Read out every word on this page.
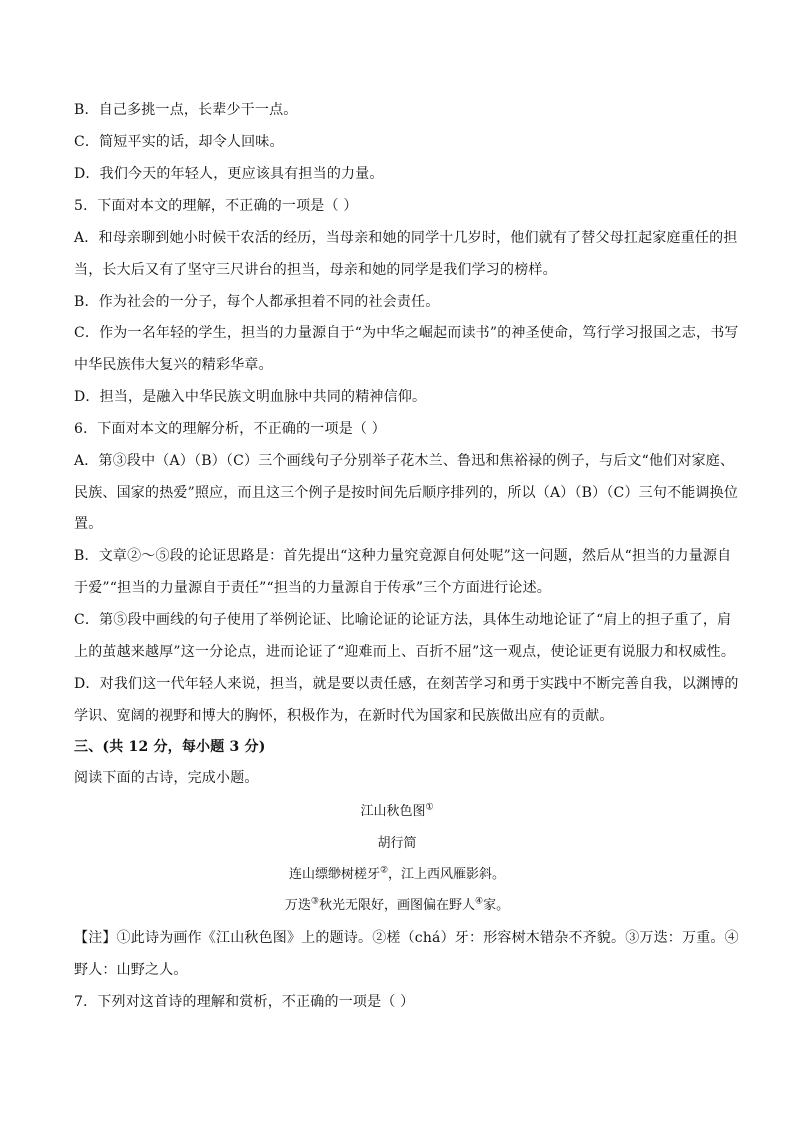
B．自己多挑一点，长辈少干一点。
C．简短平实的话，却令人回味。
D．我们今天的年轻人，更应该具有担当的力量。
5．下面对本文的理解，不正确的一项是（ ）
A．和母亲聊到她小时候干农活的经历，当母亲和她的同学十几岁时，他们就有了替父母扛起家庭重任的担
当，长大后又有了坚守三尺讲台的担当，母亲和她的同学是我们学习的榜样。
B．作为社会的一分子，每个人都承担着不同的社会责任。
C．作为一名年轻的学生，担当的力量源自于“为中华之崛起而读书”的神圣使命，笃行学习报国之志，书写
中华民族伟大复兴的精彩华章。
D．担当，是融入中华民族文明血脉中共同的精神信仰。
6．下面对本文的理解分析，不正确的一项是（ ）
A．第③段中（A）（B）（C）三个画线句子分别举子花木兰、鲁迅和焦裕禄的例子，与后文“他们对家庭、
民族、国家的热爱”照应，而且这三个例子是按时间先后顺序排列的，所以（A）（B）（C）三句不能调换位
置。
B．文章②～⑤段的论证思路是：首先提出“这种力量究竟源自何处呢”这一问题，然后从“担当的力量源自
于爱”“担当的力量源自于责任”“担当的力量源自于传承”三个方面进行论述。
C．第⑤段中画线的句子使用了举例论证、比喻论证的论证方法，具体生动地论证了“肩上的担子重了，肩
上的茧越来越厚”这一分论点，进而论证了“迎难而上、百折不屈”这一观点，使论证更有说服力和权威性。
D．对我们这一代年轻人来说，担当，就是要以责任感，在刻苦学习和勇于实践中不断完善自我，以渊博的
学识、宽阔的视野和博大的胸怀，积极作为，在新时代为国家和民族做出应有的贡献。
三、(共 12 分，每小题 3 分)
阅读下面的古诗，完成小题。
江山秋色图①
胡行简
连山缥缈树槎牙②，江上西风雁影斜。
万迭③秋光无限好，画图偏在野人④家。
【注】①此诗为画作《江山秋色图》上的题诗。②槎（chá）牙：形容树木错杂不齐貌。③万迭：万重。④
野人：山野之人。
7．下列对这首诗的理解和赏析，不正确的一项是（ ）
